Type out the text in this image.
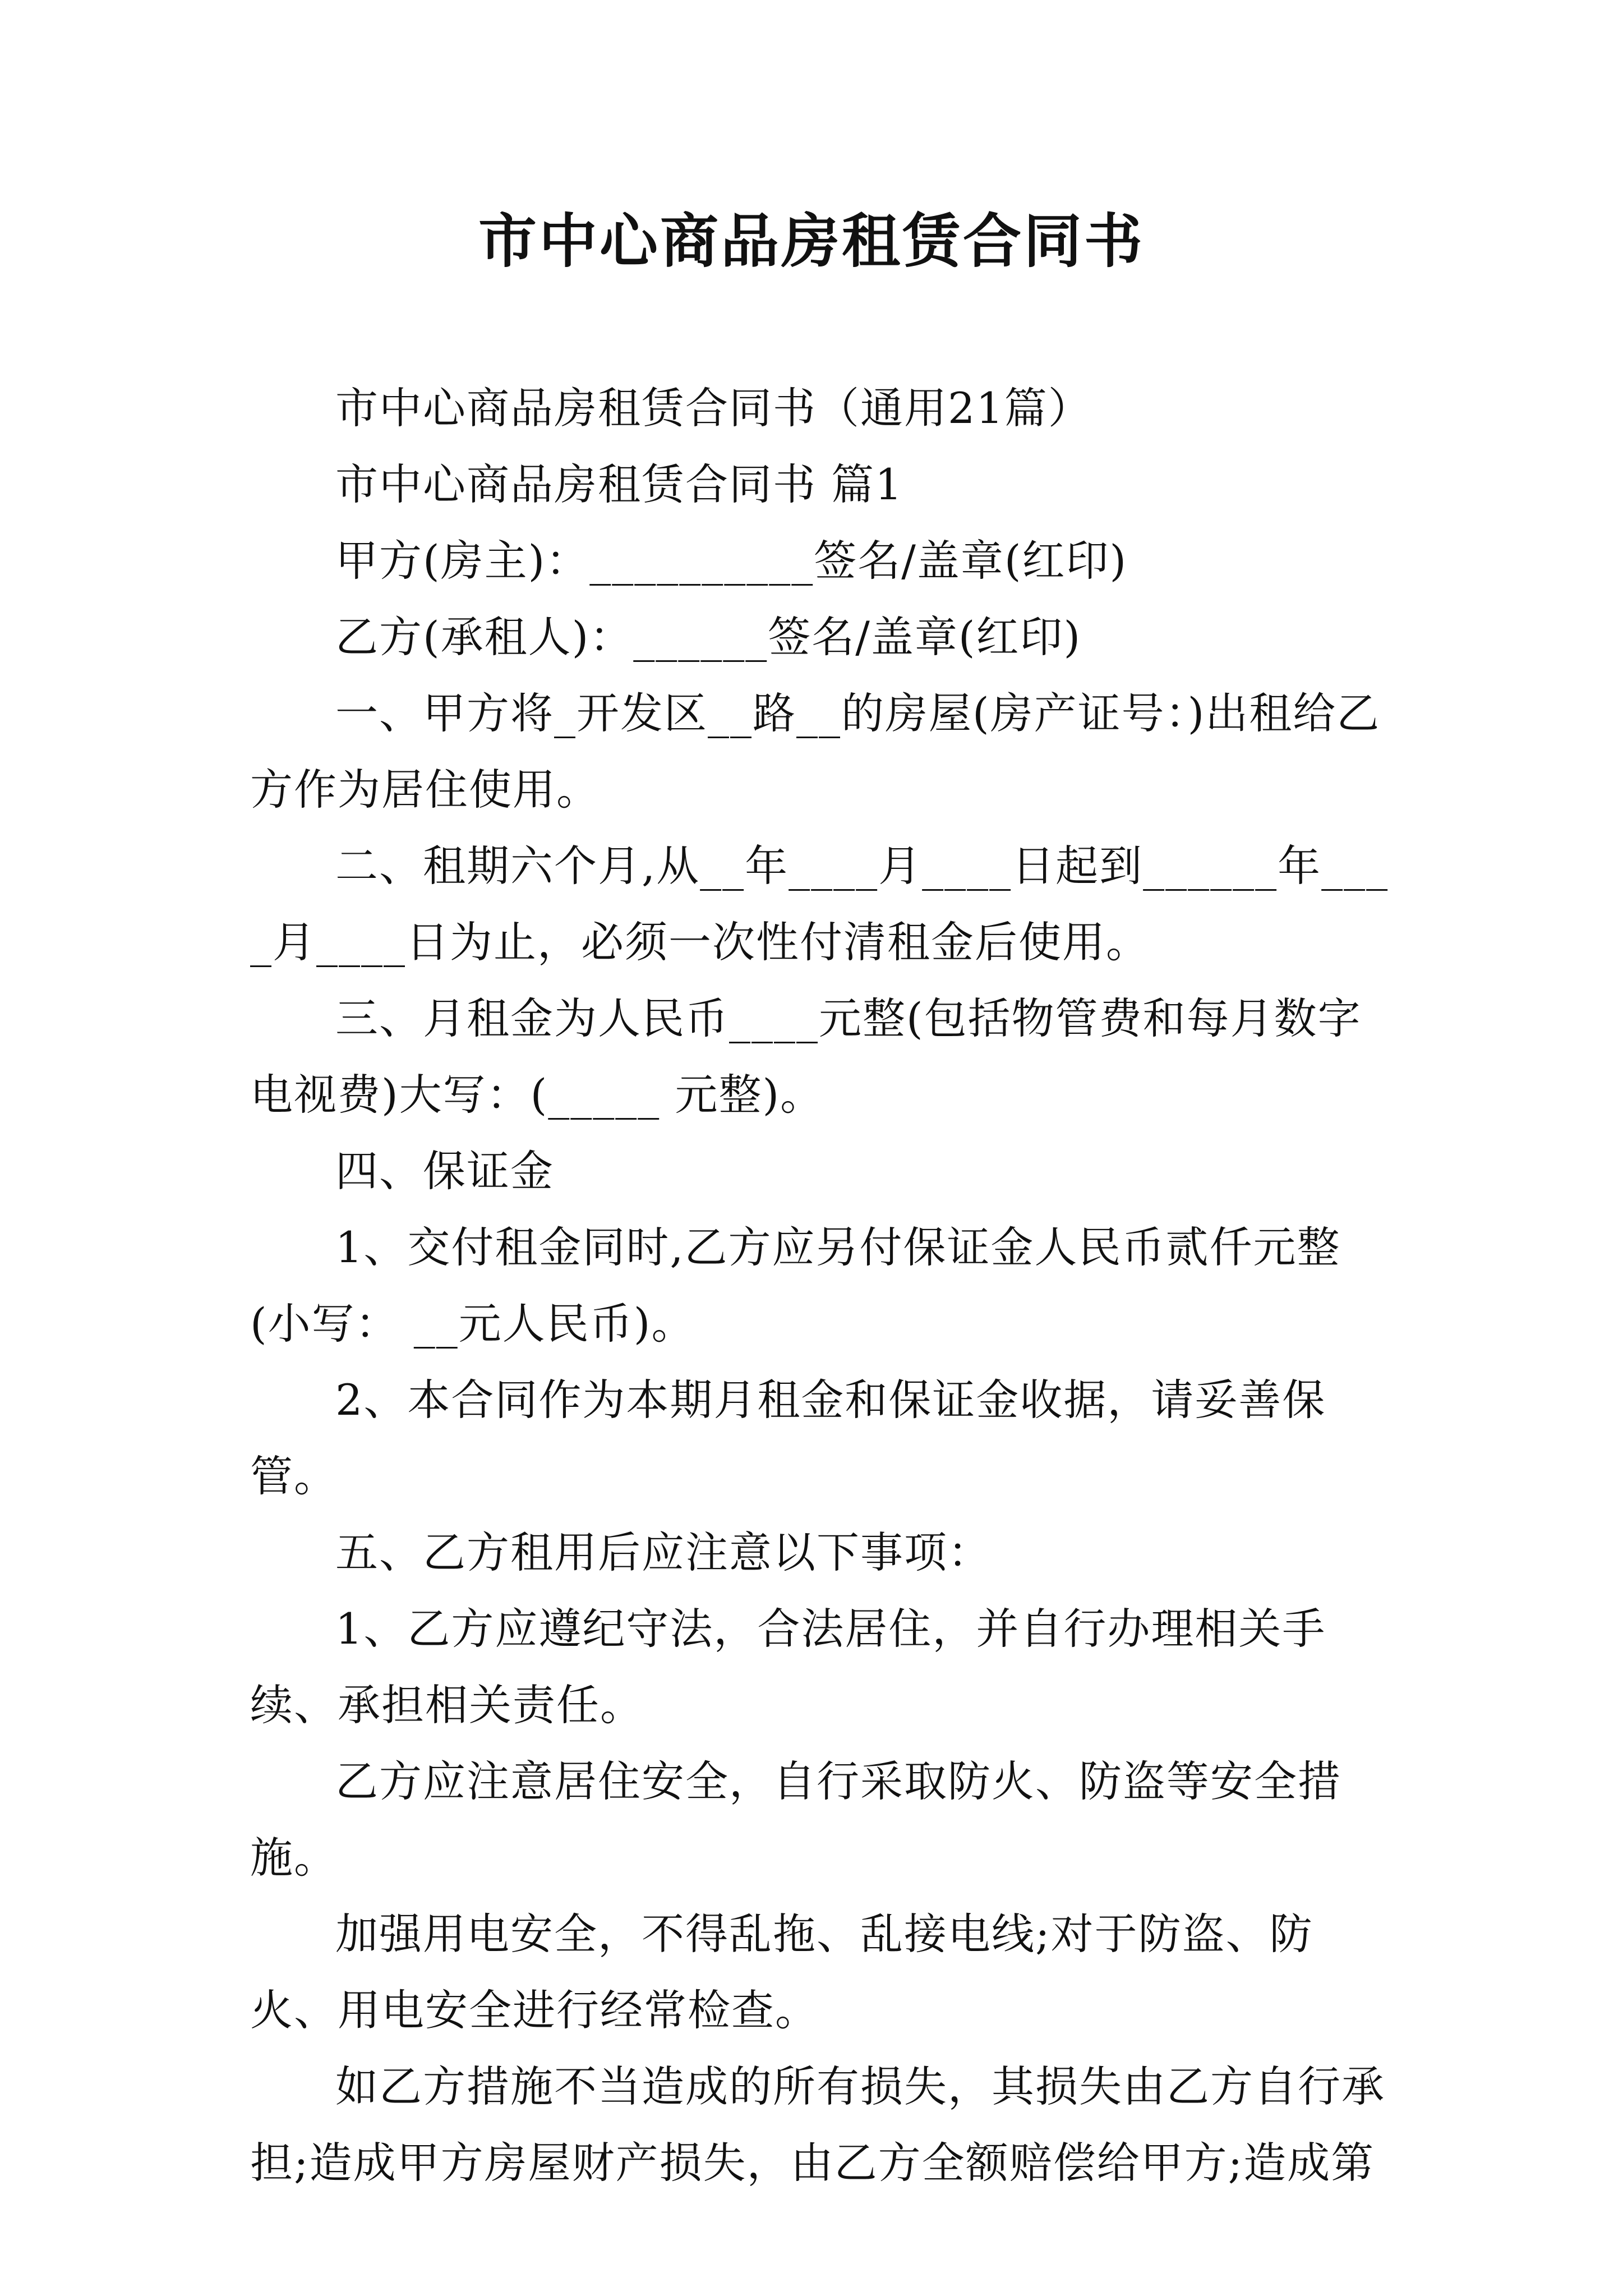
市中心商品房租赁合同书

市中心商品房租赁合同书（通用21篇）

市中心商品房租赁合同书 篇1

甲方(房主)：__________签名/盖章(红印)

乙方(承租人)：______签名/盖章(红印)

一、甲方将_开发区__路__的房屋(房产证号：)出租给乙方作为居住使用。

二、租期六个月,从__年____月____日起到______年____月____日为止，必须一次性付清租金后使用。

三、月租金为人民币____元整(包括物管费和每月数字电视费)大写：(_____ 元整)。

四、保证金

1、交付租金同时,乙方应另付保证金人民币贰仟元整(小写： __元人民币)。

2、本合同作为本期月租金和保证金收据，请妥善保管。

五、乙方租用后应注意以下事项：

1、乙方应遵纪守法，合法居住，并自行办理相关手续、承担相关责任。

乙方应注意居住安全，自行采取防火、防盗等安全措施。

加强用电安全，不得乱拖、乱接电线;对于防盗、防火、用电安全进行经常检查。

如乙方措施不当造成的所有损失，其损失由乙方自行承担;造成甲方房屋财产损失，由乙方全额赔偿给甲方;造成第
